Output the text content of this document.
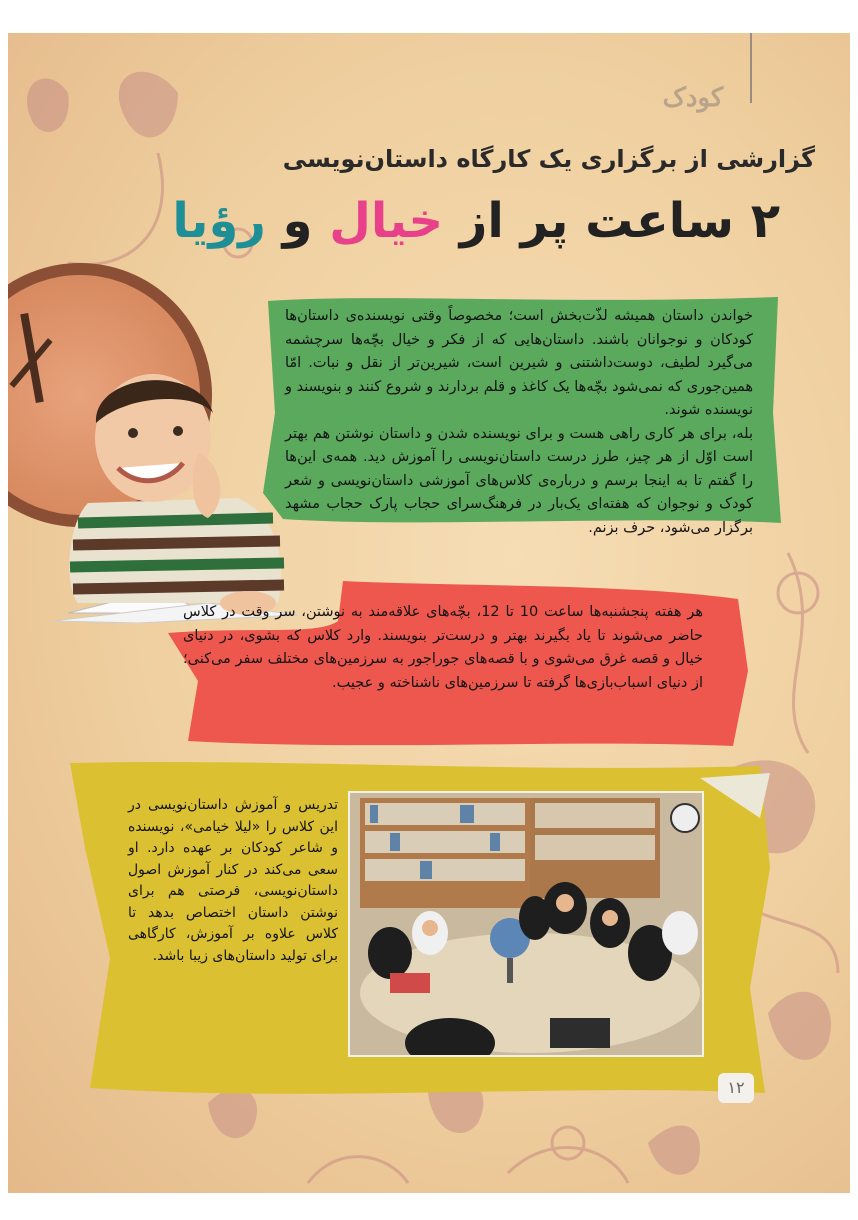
کودک
گزارشی از برگزاری یک کارگاه داستان‌نویسی
۲ ساعت پر از خیال و رؤیا

خواندن داستان همیشه لذّت‌بخش است؛ مخصوصاً وقتی نویسنده‌ی داستان‌ها کودکان و نوجوانان باشند. داستان‌هایی که از فکر و خیال بچّه‌ها سرچشمه می‌گیرد لطیف، دوست‌داشتنی و شیرین است، شیرین‌تر از نقل و نبات. امّا همین‌جوری که نمی‌شود بچّه‌ها یک کاغذ و قلم بردارند و شروع کنند و بنویسند و نویسنده شوند.

بله، برای هر کاری راهی هست و برای نویسنده شدن و داستان نوشتن هم بهتر است اوّل از هر چیز، طرز درست داستان‌نویسی را آموزش دید. همه‌ی این‌ها را گفتم تا به اینجا برسم و درباره‌ی کلاس‌های آموزشی داستان‌نویسی و شعر کودک و نوجوان که هفته‌ای یک‌بار در فرهنگ‌سرای حجاب پارک حجاب مشهد برگزار می‌شود، حرف بزنم.

هر هفته پنجشنبه‌ها ساعت 10 تا 12، بچّه‌های علاقه‌مند به نوشتن، سر وقت در کلاس حاضر می‌شوند تا یاد بگیرند بهتر و درست‌تر بنویسند. وارد کلاس که بشوی، در دنیای خیال و قصه غرق می‌شوی و با قصه‌های جوراجور به سرزمین‌های مختلف سفر می‌کنی؛ از دنیای اسباب‌بازی‌ها گرفته تا سرزمین‌های ناشناخته و عجیب.

تدریس و آموزش داستان‌نویسی در این کلاس را «لیلا خیامی»، نویسنده و شاعر کودکان بر عهده دارد. او سعی می‌کند در کنار آموزش اصول داستان‌نویسی، فرصتی هم برای نوشتن داستان اختصاص بدهد تا کلاس علاوه بر آموزش، کارگاهی برای تولید داستان‌های زیبا باشد.

۱۲
